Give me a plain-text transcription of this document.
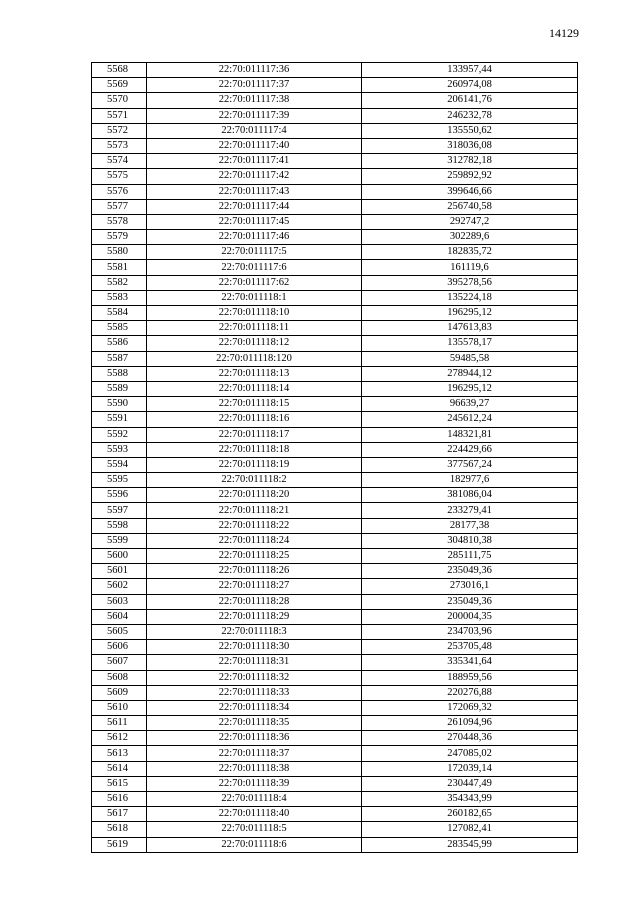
14129
5568	22:70:011117:36	133957,44
5569	22:70:011117:37	260974,08
5570	22:70:011117:38	206141,76
5571	22:70:011117:39	246232,78
5572	22:70:011117:4	135550,62
5573	22:70:011117:40	318036,08
5574	22:70:011117:41	312782,18
5575	22:70:011117:42	259892,92
5576	22:70:011117:43	399646,66
5577	22:70:011117:44	256740,58
5578	22:70:011117:45	292747,2
5579	22:70:011117:46	302289,6
5580	22:70:011117:5	182835,72
5581	22:70:011117:6	161119,6
5582	22:70:011117:62	395278,56
5583	22:70:011118:1	135224,18
5584	22:70:011118:10	196295,12
5585	22:70:011118:11	147613,83
5586	22:70:011118:12	135578,17
5587	22:70:011118:120	59485,58
5588	22:70:011118:13	278944,12
5589	22:70:011118:14	196295,12
5590	22:70:011118:15	96639,27
5591	22:70:011118:16	245612,24
5592	22:70:011118:17	148321,81
5593	22:70:011118:18	224429,66
5594	22:70:011118:19	377567,24
5595	22:70:011118:2	182977,6
5596	22:70:011118:20	381086,04
5597	22:70:011118:21	233279,41
5598	22:70:011118:22	28177,38
5599	22:70:011118:24	304810,38
5600	22:70:011118:25	285111,75
5601	22:70:011118:26	235049,36
5602	22:70:011118:27	273016,1
5603	22:70:011118:28	235049,36
5604	22:70:011118:29	200004,35
5605	22:70:011118:3	234703,96
5606	22:70:011118:30	253705,48
5607	22:70:011118:31	335341,64
5608	22:70:011118:32	188959,56
5609	22:70:011118:33	220276,88
5610	22:70:011118:34	172069,32
5611	22:70:011118:35	261094,96
5612	22:70:011118:36	270448,36
5613	22:70:011118:37	247085,02
5614	22:70:011118:38	172039,14
5615	22:70:011118:39	230447,49
5616	22:70:011118:4	354343,99
5617	22:70:011118:40	260182,65
5618	22:70:011118:5	127082,41
5619	22:70:011118:6	283545,99
